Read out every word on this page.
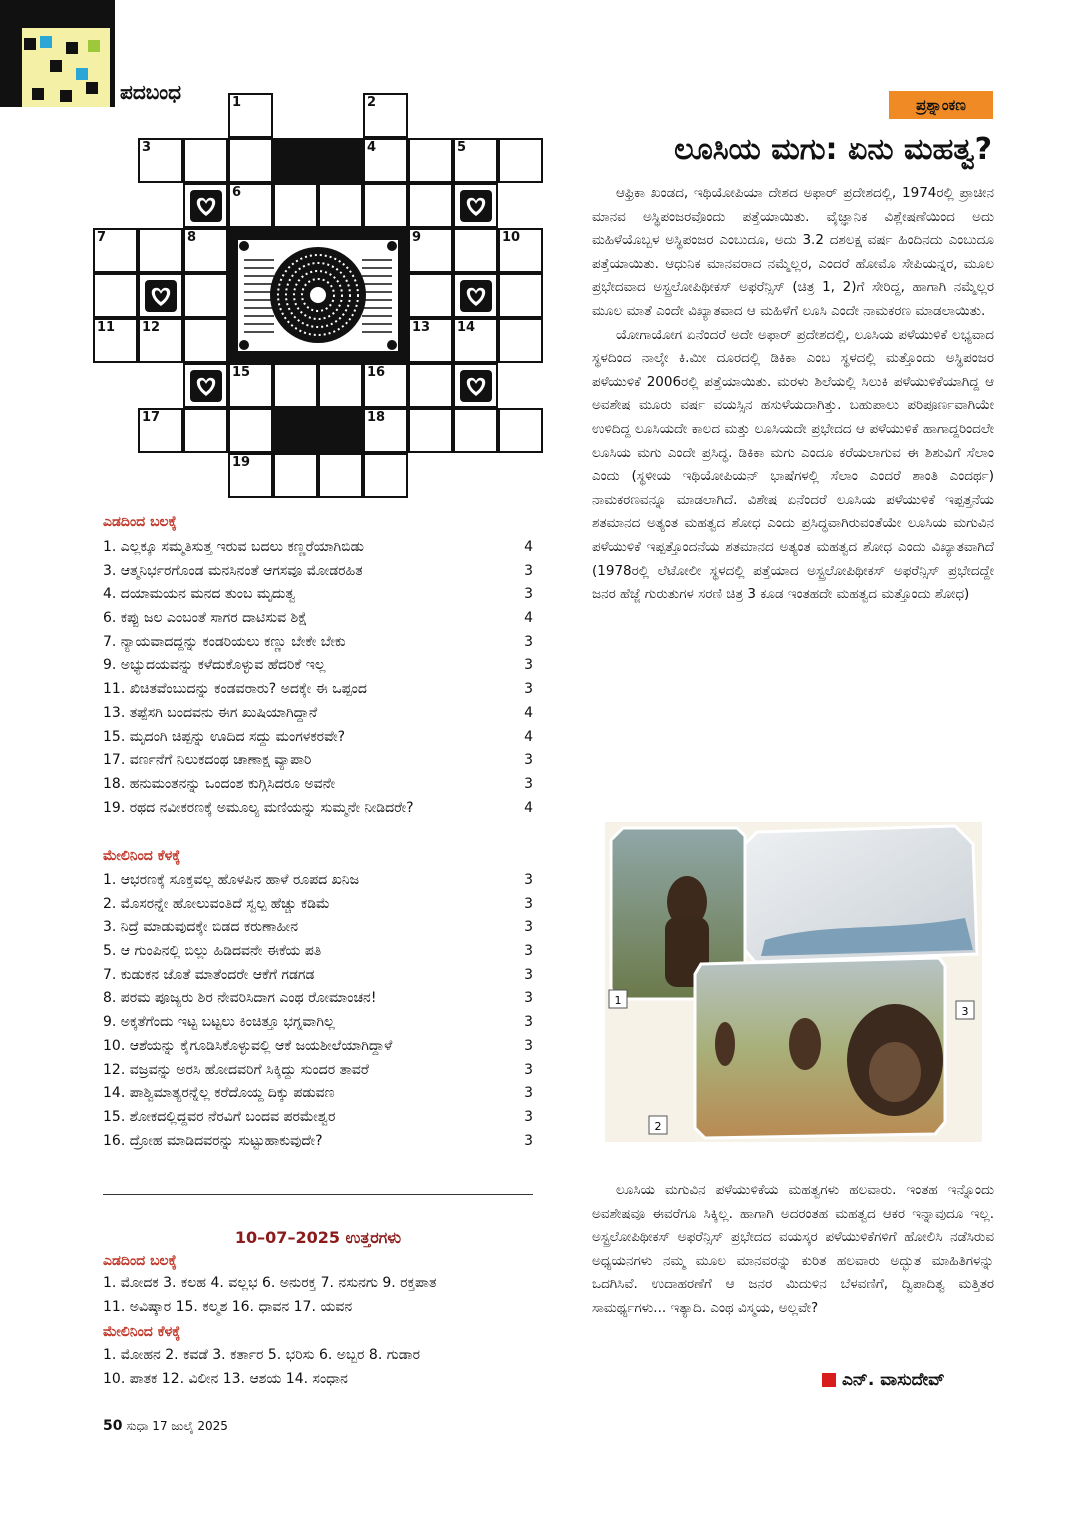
ಪದಬಂಧ	1	2
3	4	5
6
7	8	9	10
11 12	13 14
15	16
17	18
19
ಎಡದಿಂದ ಬಲಕ್ಕೆ
1. ಎಲ್ಲಕ್ಕೂ ಸಮ್ಮತಿಸುತ್ತ ಇರುವ ಬದಲು ಕಣ್ಣರೆಯಾಗಿಬಿಡು	4
3. ಆತ್ಮನಿರ್ಭರಗೊಂಡ ಮನಸಿನಂತೆ ಆಗಸವೂ ಮೋಡರಹಿತ	3
4. ದಯಾಮಯನ ಮನದ ತುಂಬ ಮೃದುತ್ವ	3
6. ಕಪ್ಪು ಜಲ ಎಂಬಂತೆ ಸಾಗರ ದಾಟಿಸುವ ಶಿಕ್ಷೆ	4
7. ನ್ಯಾಯವಾದದ್ದನ್ನು ಕಂಡರಿಯಲು ಕಣ್ಣು ಬೇಕೇ ಬೇಕು	3
9. ಅಭ್ಯುದಯವನ್ನು ಕಳೆದುಕೊಳ್ಳುವ ಹೆದರಿಕೆ ಇಲ್ಲ	3
11. ಖಿಚಿತವೆಂಬುದನ್ನು ಕಂಡವರಾರು? ಅದಕ್ಕೇ ಈ ಒಪ್ಪಂದ	3
13. ತಪ್ಪೆಸಗಿ ಬಂದವನು ಈಗ ಖುಷಿಯಾಗಿದ್ದಾನೆ	4
15. ಮೃದಂಗಿ ಚಿಪ್ಪನ್ನು ಊದಿದ ಸದ್ದು ಮಂಗಳಕರವೇ?	4
17. ವರ್ಣನೆಗೆ ನಿಲುಕದಂಥ ಚಾಣಾಕ್ಷ ವ್ಯಾಪಾರಿ	3
18. ಹನುಮಂತನನ್ನು ಒಂದಂಶ ಕುಗ್ಗಿಸಿದರೂ ಅವನೇ	3
19. ರಥದ ನವೀಕರಣಕ್ಕೆ ಅಮೂಲ್ಯ ಮಣಿಯನ್ನು ಸುಮ್ಮನೇ ನೀಡಿದರೇ?	4
ಮೇಲಿನಿಂದ ಕೆಳಕ್ಕೆ
1. ಆಭರಣಕ್ಕೆ ಸೂಕ್ತವಲ್ಲ ಹೊಳಪಿನ ಹಾಳೆ ರೂಪದ ಖನಿಜ	3
2. ಮೊಸರನ್ನೇ ಹೋಲುವಂತಿದೆ ಸ್ವಲ್ಪ ಹೆಚ್ಚು ಕಡಿಮೆ	3
3. ನಿದ್ರೆ ಮಾಡುವುದಕ್ಕೇ ಬಿಡದ ಕರುಣಾಹೀನ	3
5. ಆ ಗುಂಪಿನಲ್ಲಿ ಬಿಲ್ಲು ಹಿಡಿದವನೇ ಈಕೆಯ ಪತಿ	3
7. ಕುಡುಕನ ಜೊತೆ ಮಾತೆಂದರೇ ಆಕೆಗೆ ಗಡಗಡ	3
8. ಪರಮ ಪೂಜ್ಯರು ಶಿರ ನೇವರಿಸಿದಾಗ ಎಂಥ ರೋಮಾಂಚನ!	3
9. ಅಕ್ಕತೆಗೆಂದು ಇಟ್ಟ ಬಟ್ಟಲು ಕಿಂಚಿತ್ತೂ ಭಗ್ನವಾಗಿಲ್ಲ	3
10. ಆಶೆಯನ್ನು ಕೈಗೂಡಿಸಿಕೊಳ್ಳುವಲ್ಲಿ ಆಕೆ ಜಯಶೀಲೆಯಾಗಿದ್ದಾಳೆ	3
12. ವಜ್ರವನ್ನು ಅರಸಿ ಹೋದವರಿಗೆ ಸಿಕ್ಕಿದ್ದು ಸುಂದರ ತಾವರೆ	3
14. ಪಾಶ್ವಿಮಾತ್ಯರನ್ನೆಲ್ಲ ಕರೆದೊಯ್ದ ದಿಕ್ಕು ಪಡುವಣ	3
15. ಶೋಕದಲ್ಲಿದ್ದವರ ನೆರವಿಗೆ ಬಂದವ ಪರಮೇಶ್ವರ	3
16. ದ್ರೋಹ ಮಾಡಿದವರನ್ನು ಸುಟ್ಟುಹಾಕುವುದೇ?	3
10–07–2025 ಉತ್ತರಗಳು
ಎಡದಿಂದ ಬಲಕ್ಕೆ
1. ಮೋದಕ 3. ಕಲಹ 4. ವಲ್ಲಭ 6. ಅನುರಕ್ತ 7. ನಸುನಗು 9. ರಕ್ತಪಾತ
11. ಅವಿಷ್ಕಾರ 15. ಕಲ್ಮಶ 16. ಧಾವನ 17. ಯವನ
ಮೇಲಿನಿಂದ ಕೆಳಕ್ಕೆ
1. ಮೋಹನ 2. ಕವಡೆ 3. ಕರ್ತಾರ 5. ಭರಿಸು 6. ಅಬ್ಬರ 8. ಗುಡಾರ
10. ಪಾತಕ 12. ವಿಲೀನ 13. ಆಶಯ 14. ಸಂಧಾನ
50 ಸುಧಾ 17 ಜುಲೈ 2025
ಪ್ರಶ್ನಾಂಕಣ
ಲೂಸಿಯ ಮಗು: ಏನು ಮಹತ್ವ?

ಆಫ್ರಿಕಾ ಖಂಡದ, ಇಥಿಯೋಪಿಯಾ ದೇಶದ ಅಫಾರ್ ಪ್ರದೇಶದಲ್ಲಿ, 1974ರಲ್ಲಿ ಪ್ರಾಚೀನ ಮಾನವ ಅಸ್ಥಿಪಂಜರವೊಂದು ಪತ್ತೆಯಾಯಿತು. ವೈಜ್ಞಾನಿಕ ವಿಶ್ಲೇಷಣೆಯಿಂದ ಅದು ಮಹಿಳೆಯೊಬ್ಬಳ ಅಸ್ಥಿಪಂಜರ ಎಂಬುದೂ, ಅದು 3.2 ದಶಲಕ್ಷ ವರ್ಷ ಹಿಂದಿನದು ಎಂಬುದೂ ಪತ್ತೆಯಾಯಿತು. ಆಧುನಿಕ ಮಾನವರಾದ ನಮ್ಮೆಲ್ಲರ, ಎಂದರೆ ಹೋಮೊ ಸೇಪಿಯನ್ನರ, ಮೂಲ ಪ್ರಭೇದವಾದ ಅಸ್ಟ್ರಲೋಪಿಥೀಕಸ್ ಅಫರೆನ್ಸಿಸ್ (ಚಿತ್ರ 1, 2)ಗೆ ಸೇರಿದ್ದ, ಹಾಗಾಗಿ ನಮ್ಮೆಲ್ಲರ ಮೂಲ ಮಾತೆ ಎಂದೇ ವಿಖ್ಯಾತವಾದ ಆ ಮಹಿಳೆಗೆ ಲೂಸಿ ಎಂದೇ ನಾಮಕರಣ ಮಾಡಲಾಯಿತು.

ಯೋಗಾಯೋಗ ಏನೆಂದರೆ ಅದೇ ಅಫಾರ್ ಪ್ರದೇಶದಲ್ಲಿ, ಲೂಸಿಯ ಪಳೆಯುಳಿಕೆ ಲಭ್ಯವಾದ ಸ್ಥಳದಿಂದ ನಾಲ್ಕೇ ಕಿ.ಮೀ ದೂರದಲ್ಲಿ ಡಿಕಿಕಾ ಎಂಬ ಸ್ಥಳದಲ್ಲಿ ಮತ್ತೊಂದು ಅಸ್ಥಿಪಂಜರ ಪಳೆಯುಳಿಕೆ 2006ರಲ್ಲಿ ಪತ್ತೆಯಾಯಿತು. ಮರಳು ಶಿಲೆಯಲ್ಲಿ ಸಿಲುಕಿ ಪಳೆಯುಳಿಕೆಯಾಗಿದ್ದ ಆ ಅವಶೇಷ ಮೂರು ವರ್ಷ ವಯಸ್ಸಿನ ಹಸುಳೆಯದಾಗಿತ್ತು. ಬಹುಪಾಲು ಪರಿಪೂರ್ಣವಾಗಿಯೇ ಉಳಿದಿದ್ದ ಲೂಸಿಯದೇ ಕಾಲದ ಮತ್ತು ಲೂಸಿಯದೇ ಪ್ರಭೇದದ ಆ ಪಳೆಯುಳಿಕೆ ಹಾಗಾದ್ದರಿಂದಲೇ ಲೂಸಿಯ ಮಗು ಎಂದೇ ಪ್ರಸಿದ್ಧ. ಡಿಕಿಕಾ ಮಗು ಎಂದೂ ಕರೆಯಲಾಗುವ ಈ ಶಿಶುವಿಗೆ ಸೆಲಾಂ ಎಂದು (ಸ್ಥಳೀಯ ಇಥಿಯೋಪಿಯನ್ ಭಾಷೆಗಳಲ್ಲಿ ಸೆಲಾಂ ಎಂದರೆ ಶಾಂತಿ ಎಂದರ್ಥ) ನಾಮಕರಣವನ್ನೂ ಮಾಡಲಾಗಿದೆ. ವಿಶೇಷ ಏನೆಂದರೆ ಲೂಸಿಯ ಪಳೆಯುಳಿಕೆ ಇಪ್ಪತ್ತನೆಯ ಶತಮಾನದ ಅತ್ಯಂತ ಮಹತ್ವದ ಶೋಧ ಎಂದು ಪ್ರಸಿದ್ಧವಾಗಿರುವಂತೆಯೇ ಲೂಸಿಯ ಮಗುವಿನ ಪಳೆಯುಳಿಕೆ ಇಪ್ಪತ್ತೊಂದನೆಯ ಶತಮಾನದ ಅತ್ಯಂತ ಮಹತ್ವದ ಶೋಧ ಎಂದು ವಿಖ್ಯಾತವಾಗಿದೆ (1978ರಲ್ಲಿ ಲೆಟೋಲೀ ಸ್ಥಳದಲ್ಲಿ ಪತ್ತೆಯಾದ ಅಸ್ಟ್ರಲೋಪಿಥೀಕಸ್ ಅಫರೆನ್ಸಿಸ್ ಪ್ರಭೇದದ್ದೇ ಜನರ ಹೆಜ್ಜೆ ಗುರುತುಗಳ ಸರಣಿ ಚಿತ್ರ 3 ಕೂಡ ಇಂತಹದೇ ಮಹತ್ವದ ಮತ್ತೊಂದು ಶೋಧ)

1
2
3

ಲೂಸಿಯ ಮಗುವಿನ ಪಳೆಯುಳಿಕೆಯ ಮಹತ್ವಗಳು ಹಲವಾರು. ಇಂತಹ ಇನ್ನೊಂದು ಅವಶೇಷವೂ ಈವರೆಗೂ ಸಿಕ್ಕಿಲ್ಲ. ಹಾಗಾಗಿ ಅದರಂತಹ ಮಹತ್ವದ ಆಕರ ಇನ್ನಾವುದೂ ಇಲ್ಲ. ಅಸ್ಟ್ರಲೋಪಿಥೀಕಸ್ ಅಫರೆನ್ಸಿಸ್ ಪ್ರಭೇದದ ವಯಸ್ಕರ ಪಳೆಯುಳಿಕೆಗಳಿಗೆ ಹೋಲಿಸಿ ನಡೆಸಿರುವ ಅಧ್ಯಯನಗಳು ನಮ್ಮ ಮೂಲ ಮಾನವರನ್ನು ಕುರಿತ ಹಲವಾರು ಅದ್ಭುತ ಮಾಹಿತಿಗಳನ್ನು ಒದಗಿಸಿವೆ. ಉದಾಹರಣೆಗೆ ಆ ಜನರ ಮಿದುಳಿನ ಬೆಳವಣಿಗೆ, ದ್ವಿಪಾದಿತ್ವ ಮತ್ತಿತರ ಸಾಮರ್ಥ್ಯಗಳು... ಇತ್ಯಾದಿ. ಎಂಥ ವಿಸ್ಮಯ, ಅಲ್ಲವೇ?

ಎನ್. ವಾಸುದೇವ್
